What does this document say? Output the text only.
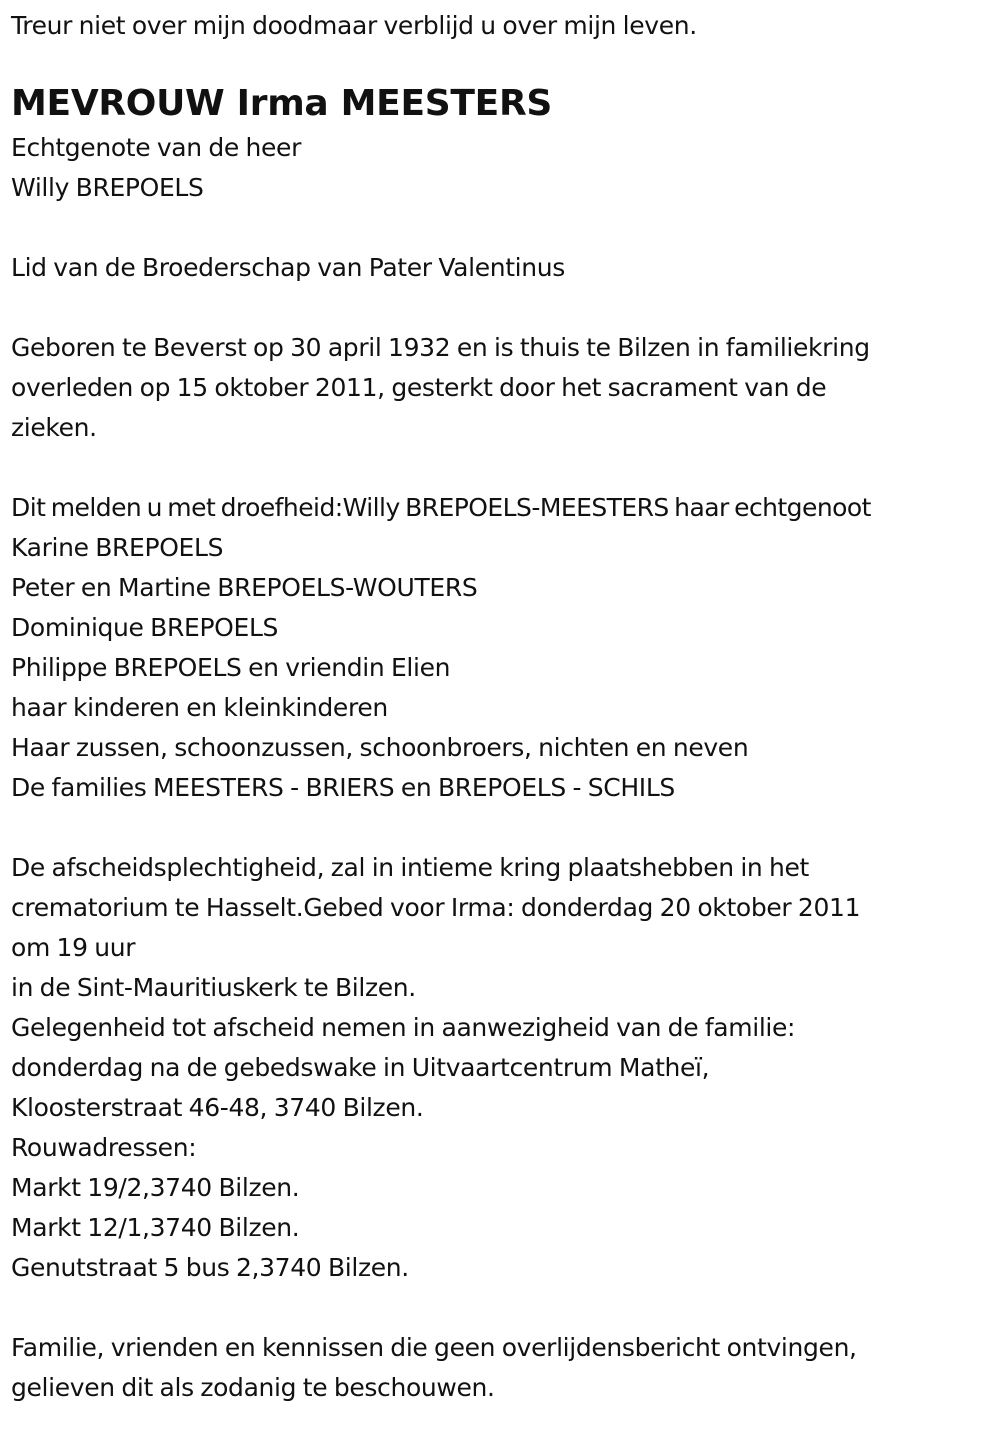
Treur niet over mijn doodmaar verblijd u over mijn leven.
MEVROUW Irma MEESTERS
Echtgenote van de heer
Willy BREPOELS
Lid van de Broederschap van Pater Valentinus
Geboren te Beverst op 30 april 1932 en is thuis te Bilzen in familiekring
overleden op 15 oktober 2011, gesterkt door het sacrament van de
zieken.
Dit melden u met droefheid:Willy BREPOELS-MEESTERS haar echtgenoot
Karine BREPOELS
Peter en Martine BREPOELS-WOUTERS
Dominique BREPOELS
Philippe BREPOELS en vriendin Elien
haar kinderen en kleinkinderen
Haar zussen, schoonzussen, schoonbroers, nichten en neven
De families MEESTERS - BRIERS en BREPOELS - SCHILS
De afscheidsplechtigheid, zal in intieme kring plaatshebben in het
crematorium te Hasselt.Gebed voor Irma: donderdag 20 oktober 2011
om 19 uur
in de Sint-Mauritiuskerk te Bilzen.
Gelegenheid tot afscheid nemen in aanwezigheid van de familie:
donderdag na de gebedswake in Uitvaartcentrum Matheï,
Kloosterstraat 46-48, 3740 Bilzen.
Rouwadressen:
Markt 19/2,3740 Bilzen.
Markt 12/1,3740 Bilzen.
Genutstraat 5 bus 2,3740 Bilzen.
Familie, vrienden en kennissen die geen overlijdensbericht ontvingen,
gelieven dit als zodanig te beschouwen.
